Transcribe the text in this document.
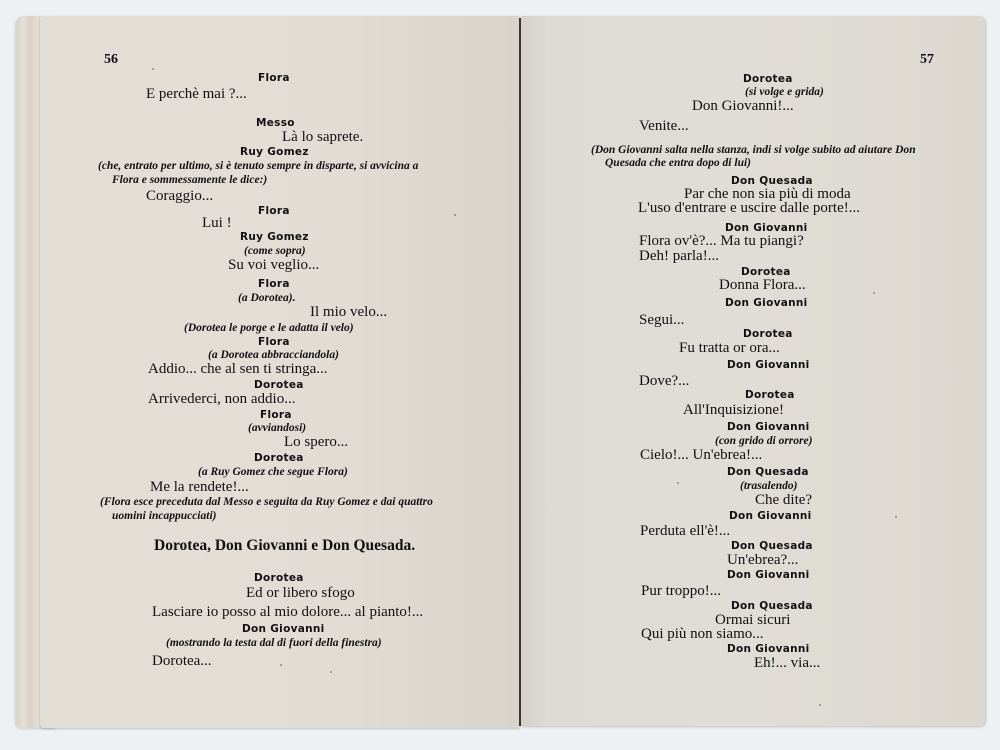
56
Flora
E perchè mai ?...
Messo
Là lo saprete.
Ruy Gomez
(che, entrato per ultimo, si è tenuto sempre in disparte, si avvicina a
Flora e sommessamente le dice:)
Coraggio...
Flora
Lui !
Ruy Gomez
(come sopra)
Su voi veglio...
Flora
(a Dorotea).
Il mio velo...
(Dorotea le porge e le adatta il velo)
Flora
(a Dorotea abbracciandola)
Addio... che al sen ti stringa...
Dorotea
Arrivederci, non addio...
Flora
(avviandosi)
Lo spero...
Dorotea
(a Ruy Gomez che segue Flora)
Me la rendete!...
(Flora esce preceduta dal Messo e seguita da Ruy Gomez e dai quattro
uomini incappucciati)
Dorotea, Don Giovanni e Don Quesada.
Dorotea
Ed or libero sfogo
Lasciare io posso al mio dolore... al pianto!...
Don Giovanni
(mostrando la testa dal di fuori della finestra)
Dorotea...
57
Dorotea
(si volge e grida)
Don Giovanni!...
Venite...
(Don Giovanni salta nella stanza, indi si volge subito ad aiutare Don
Quesada che entra dopo di lui)
Don Quesada
Par che non sia più di moda
L'uso d'entrare e uscire dalle porte!...
Don Giovanni
Flora ov'è?... Ma tu piangi?
Deh! parla!...
Dorotea
Donna Flora...
Don Giovanni
Segui...
Dorotea
Fu tratta or ora...
Don Giovanni
Dove?...
Dorotea
All'Inquisizione!
Don Giovanni
(con grido di orrore)
Cielo!... Un'ebrea!...
Don Quesada
(trasalendo)
Che dite?
Don Giovanni
Perduta ell'è!...
Don Quesada
Un'ebrea?...
Don Giovanni
Pur troppo!...
Don Quesada
Ormai sicuri
Qui più non siamo...
Don Giovanni
Eh!... via...
